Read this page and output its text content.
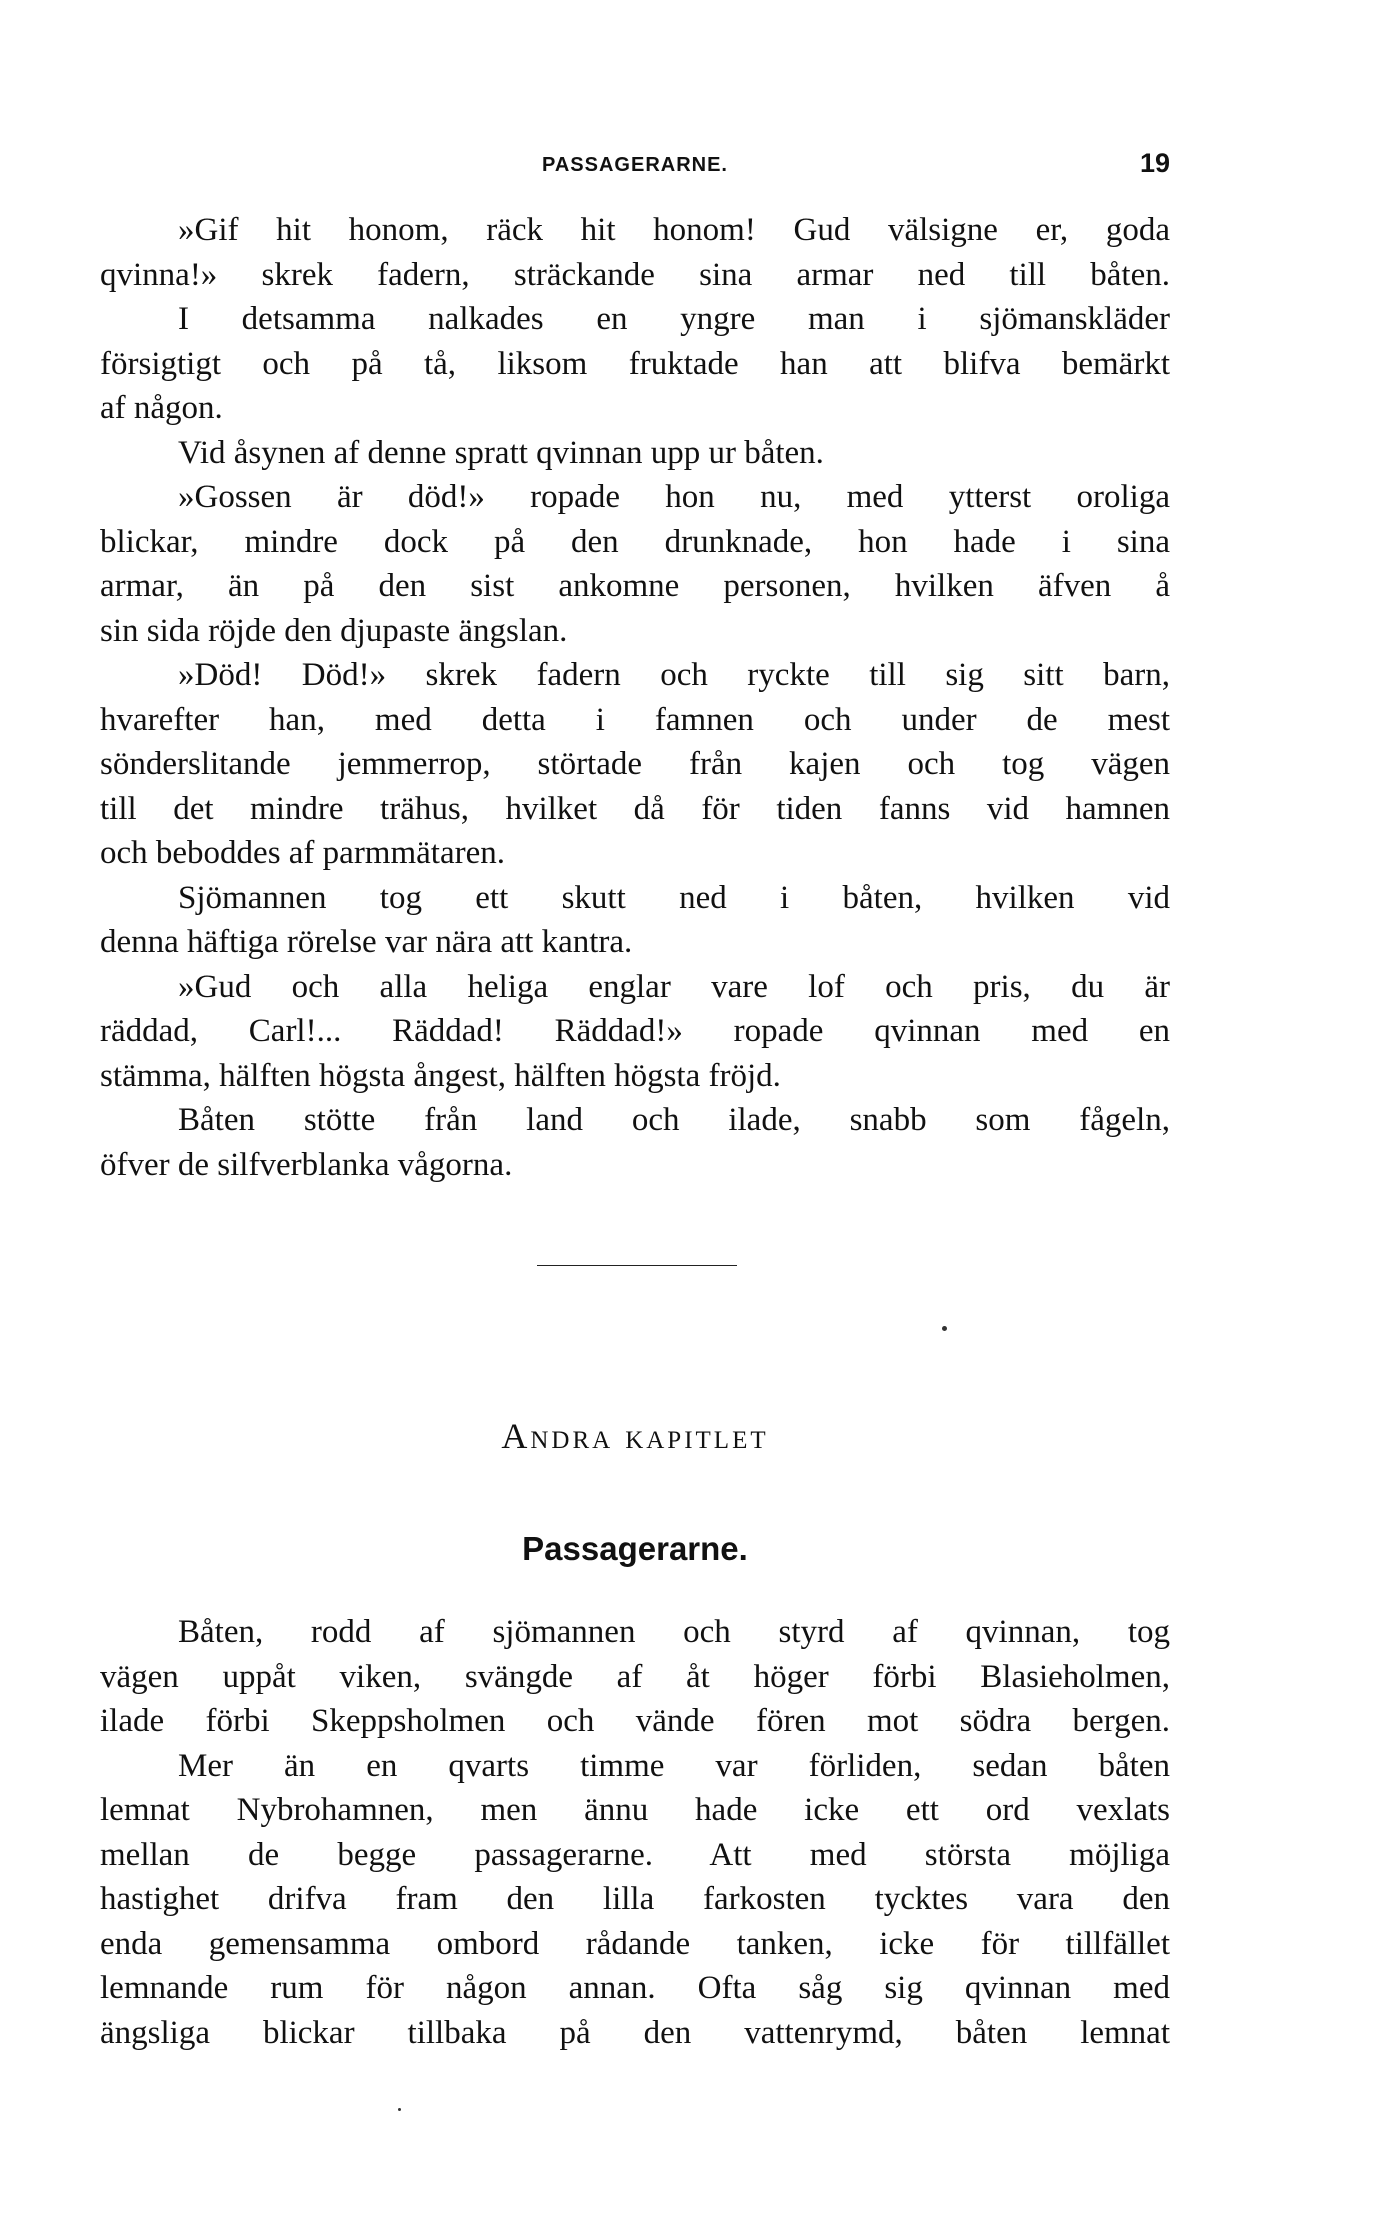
PASSAGERARNE.	19
»Gif hit honom, räck hit honom! Gud välsigne er, goda
qvinna!» skrek fadern, sträckande sina armar ned till båten.
I detsamma nalkades en yngre man i sjömanskläder
försigtigt och på tå, liksom fruktade han att blifva bemärkt
af någon.
Vid åsynen af denne spratt qvinnan upp ur båten.
»Gossen är död!» ropade hon nu, med ytterst oroliga
blickar, mindre dock på den drunknade, hon hade i sina
armar, än på den sist ankomne personen, hvilken äfven å
sin sida röjde den djupaste ängslan.
»Död! Död!» skrek fadern och ryckte till sig sitt barn,
hvarefter han, med detta i famnen och under de mest
sönderslitande jemmerrop, störtade från kajen och tog vägen
till det mindre trähus, hvilket då för tiden fanns vid hamnen
och beboddes af parmmätaren.
Sjömannen tog ett skutt ned i båten, hvilken vid
denna häftiga rörelse var nära att kantra.
»Gud och alla heliga englar vare lof och pris, du är
räddad, Carl!... Räddad! Räddad!» ropade qvinnan med en
stämma, hälften högsta ångest, hälften högsta fröjd.
Båten stötte från land och ilade, snabb som fågeln,
öfver de silfverblanka vågorna.
Andra kapitlet
Passagerarne.
Båten, rodd af sjömannen och styrd af qvinnan, tog
vägen uppåt viken, svängde af åt höger förbi Blasieholmen,
ilade förbi Skeppsholmen och vände fören mot södra bergen.
Mer än en qvarts timme var förliden, sedan båten
lemnat Nybrohamnen, men ännu hade icke ett ord vexlats
mellan de begge passagerarne. Att med största möjliga
hastighet drifva fram den lilla farkosten tycktes vara den
enda gemensamma ombord rådande tanken, icke för tillfället
lemnande rum för någon annan. Ofta såg sig qvinnan med
ängsliga blickar tillbaka på den vattenrymd, båten lemnat
